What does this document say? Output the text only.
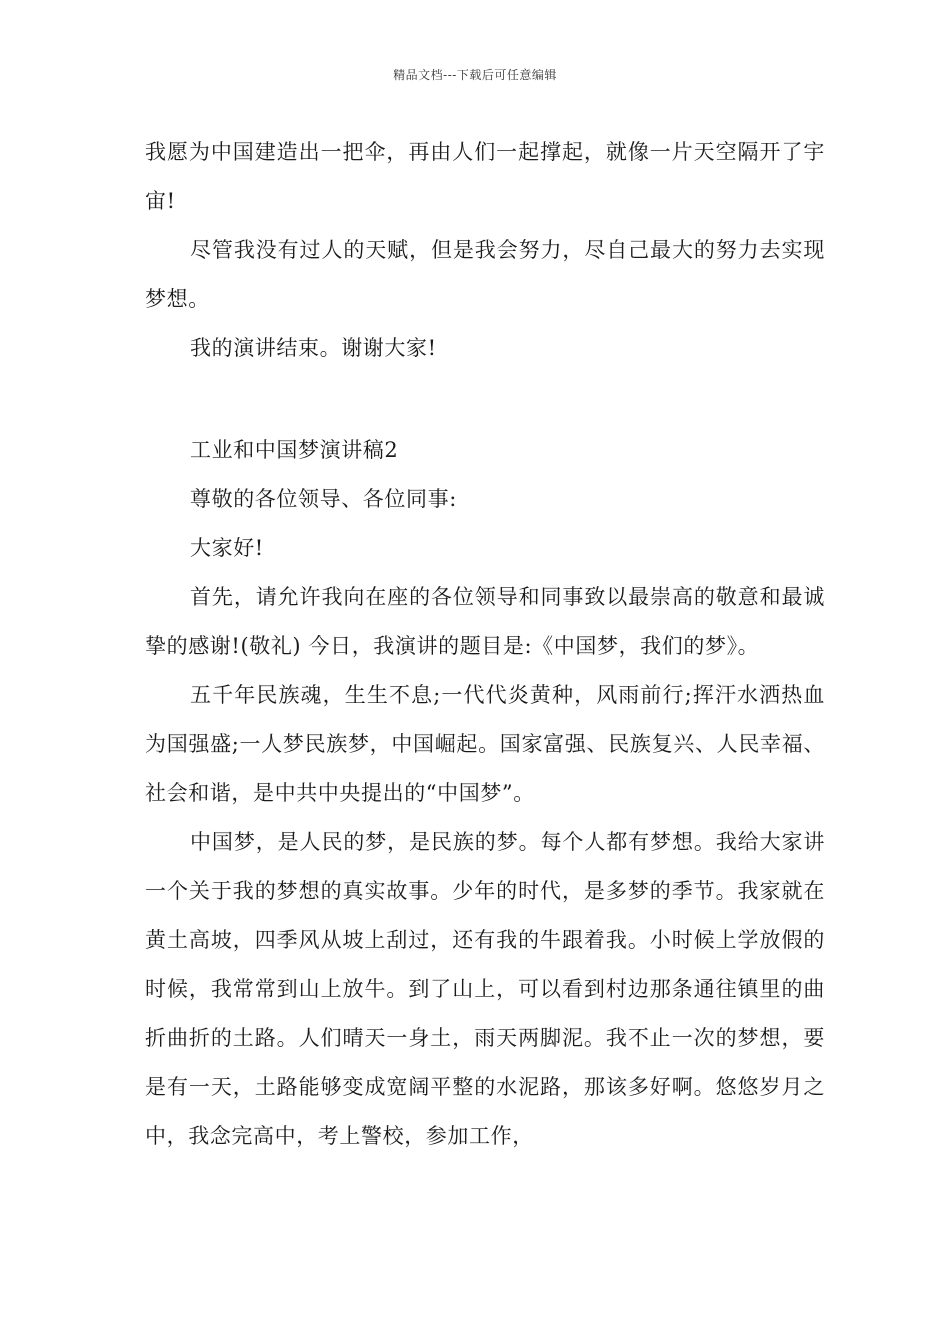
精品文档---下载后可任意编辑

我愿为中国建造出一把伞，再由人们一起撑起，就像一片天空隔开了宇宙!

尽管我没有过人的天赋，但是我会努力，尽自己最大的努力去实现梦想。

我的演讲结束。谢谢大家!

工业和中国梦演讲稿2

尊敬的各位领导、各位同事:

大家好!

首先，请允许我向在座的各位领导和同事致以最崇高的敬意和最诚挚的感谢!(敬礼) 今日，我演讲的题目是:《中国梦，我们的梦》。

五千年民族魂，生生不息;一代代炎黄种，风雨前行;挥汗水洒热血为国强盛;一人梦民族梦，中国崛起。国家富强、民族复兴、人民幸福、社会和谐，是中共中央提出的“中国梦”。

中国梦，是人民的梦，是民族的梦。每个人都有梦想。我给大家讲一个关于我的梦想的真实故事。少年的时代，是多梦的季节。我家就在黄土高坡，四季风从坡上刮过，还有我的牛跟着我。小时候上学放假的时候，我常常到山上放牛。到了山上，可以看到村边那条通往镇里的曲折曲折的土路。人们晴天一身土，雨天两脚泥。我不止一次的梦想，要是有一天，土路能够变成宽阔平整的水泥路，那该多好啊。悠悠岁月之中，我念完高中，考上警校，参加工作，
